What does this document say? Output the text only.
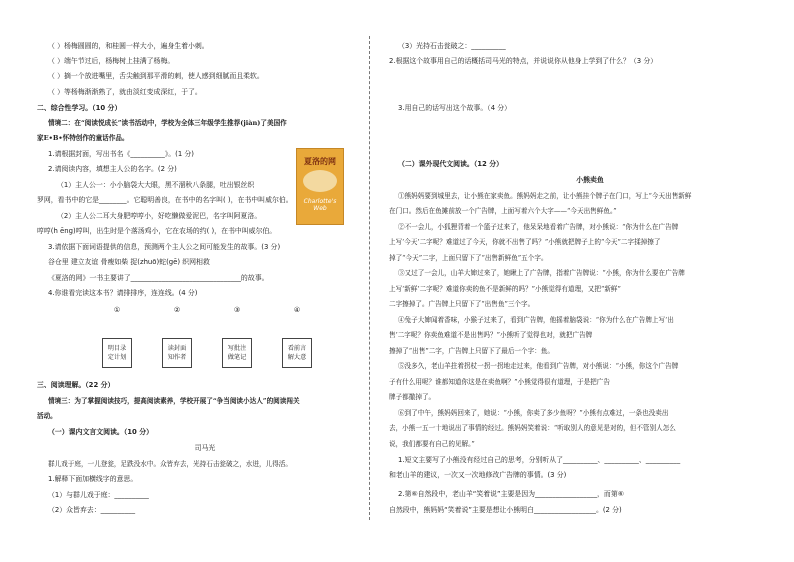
（ ）杨梅圆圆的，和桂圆一样大小，遍身生着小刺。
（ ）端午节过后，杨梅树上挂满了杨梅。
（ ）摘一个放进嘴里，舌尖触到那平滑的刺，使人感到细腻而且柔软。
（ ）等杨梅渐渐熟了，就由淡红变成深红，于了。
二、综合性学习。（10 分）
情境二：在“阅读悦成长”读书活动中，学校为全体三年级学生推荐(jiàn)了美国作
家E•B•怀特创作的童话作品。
1.请根据封面，写出书名《__________》。(1 分)
2.请阅读内容，填想主人公的名字。(2 分)
（1）主人公一：小小脑袋大大眼，黑不溜秋八条腿，吐出银丝织
罗网，看书中的它是________。它聪明善良，在书中的名字叫( )，在书中叫威尔伯。
（2）主人公二耳大身肥哼哼小，好吃懒做爱泥巴，名字叫阿夏洛。
哼哼(h ēng)哼叫，出生时是个落汤鸡小，它在农场的约( )，在书中叫威尔伯。
3.请依据下面词语提供的信息，预测两个主人公之间可能发生的故事。(3 分)
谷仓里 建立友谊 骨瘦如柴 捉(zhuō)蛇(gē) 织网相救
《夏洛的网》一书主要讲了________________________________的故事。
4.你谁看完读这本书？请排排序，连连线。(4 分)
夏洛的网
Charlotte's
Web
①	②	③	④
明目录
定计划
读封面
知作者
写批注
做笔记
看前言
解大意
三、阅读理解。（22 分）
情境三：为了掌握阅读技巧，提高阅读素养，学校开展了“争当阅读小达人”的阅读闯关
活动。
（一）课内文言文阅读。（10 分）
司马光
群儿戏于庭，一儿登瓮，足跌没水中。众皆弃去，光持石击瓮破之，水迸，儿得活。
1.解释下面加横线字的意思。
（1）与群儿戏于庭：__________
（2）众皆弃去：__________
（3）光持石击瓮破之：__________
2.根据这个故事用自己的话概括司马光的特点，并说说你从他身上学到了什么？（3 分）
3.用自己的话写出这个故事。（4 分）
（二）课外现代文阅读。（12 分）
小熊卖鱼
①熊妈妈要到城里去，让小熊在家卖鱼。熊妈妈走之前，让小熊挂个牌子在门口，写上“今天出售新鲜
在门口。然后在鱼摊前放一个广告牌，上面写着六个大字——“今天出售鲜鱼。”
②不一会儿，小狐狸背着一个篮子过来了，他呆呆地看着广告牌，对小熊说：“你为什么在广告牌
上写‘今天’二字呢？难道过了今天，你就不出售了吗？”小熊就把牌子上的“今天”二字揉掉擦了
掉了“今天”二字，上面只留下了“出售新鲜鱼”五个字。
③又过了一会儿，山羊大婶过来了，她瞅上了广告牌，指着广告牌说：“小熊，你为什么要在广告牌
上写‘新鲜’二字呢？难道你卖的鱼不是新鲜的吗？”小熊觉得有道理，又把“新鲜”
二字擦掉了。广告牌上只留下了“出售鱼”三个字。
④兔子大婶闻着香味，小猴子过来了，看到广告牌，他摇着脑袋说：“你为什么在广告牌上写‘出
售’二字呢？你卖鱼难道不是出售吗？”小熊听了觉得也对，就把广告牌
擦掉了“出售”二字，广告牌上只留下了最后一个字：鱼。
⑤没多久，老山羊拄着拐杖一拐一拐地走过来，他看到广告牌，对小熊说：“小熊，你这个广告牌
子有什么用呢？谁都知道你这是在卖鱼啊？”小熊觉得很有道理，于是把广告
牌子都撤掉了。
⑥到了中午，熊妈妈回来了，她说：“小熊，你卖了多少鱼呀？”小熊有点难过，一条也没卖出
去，小熊一五一十地说出了事情的经过。熊妈妈笑着说：“听取别人的意见是对的，但不管别人怎么
说，我们都要有自己的见解。”
1.短文主要写了小熊没有经过自己的思考，分别听从了__________、__________、__________
和老山羊的建议，一次又一次地修改广告牌的事情。(3 分)
2.第⑥自然段中，老山羊“笑着说”主要是因为__________________，而第⑥
自然段中，熊妈妈“笑着说”主要是想让小熊明白__________________。(2 分)
